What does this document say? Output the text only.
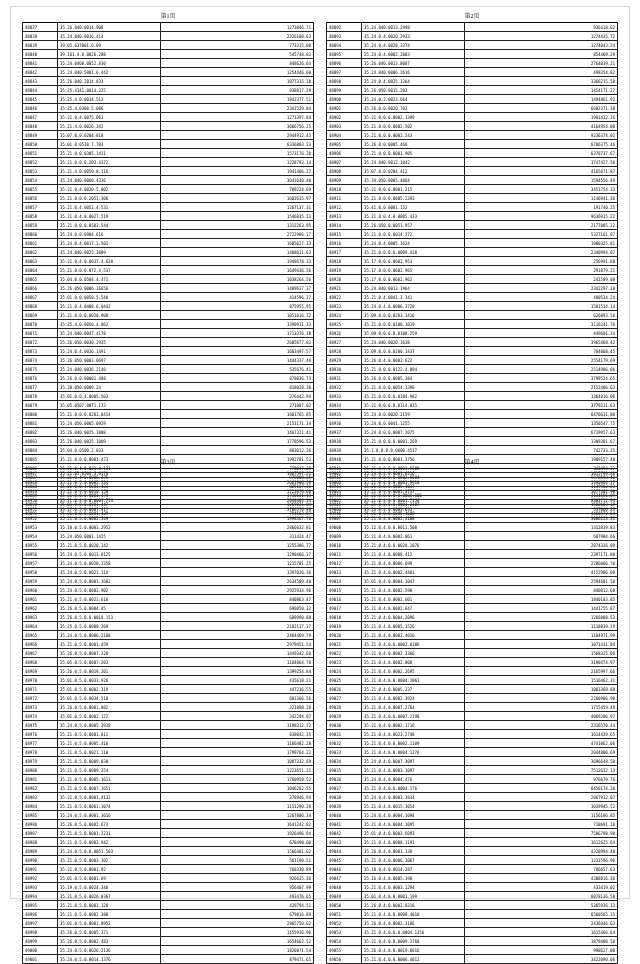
第1页
48837	35.26.040.0014.908	1273846.71
48838	35.24.040.0016.414	2326108.63
48839	39.05.637001.6.09	773315.08
48840	39.161.4.0.0026.288	545748.82
48841	35.24.0408.0052.830	848626.64
48842	35.24.040.5001.6.442	1254446.60
48843	35.26.040.2014.833	1077315.18
48844	35.25.4141.0014.325	938817.29
48845	35.25.4.0.0034.513	1942377.51
48846	35.25.4.0300.5.086	2341529.84
48847	35.21.0.4.0075.063	1271397.84
48848	35.21.4.0.0026.342	3066756.25
48849	35.07.0.0.0204.818	2944912.43
48850	35.01.0.0510.7.703	6336803.23
48851	35.21.0.0.0305.1411	1573176.20
48852	35.21.0.0.0.203.4372	1228793.14
48853	35.21.4.0.0050.8.116	1941406.27
48854	35.24.040.0060.4336	3041640.40
48855	35.21.0.4.0020.5.002	789224.69
48856	35.21.0.0.0.2051.306	1682635.97
48857	35.21.0.4.0052.4.531	1267137.31
48858	35.21.0.4.0.0027.519	1546835.13
48859	35.21.0.0.0.0503.544	1312263.95
48860	35.24.0.0.0904.616	2722986.17
48861	35.24.0.4.0017.3.501	1605627.33
48862	35.24.040.0025.3009	1488611.63
48863	35.21.0.4.0.0037.4.638	1948678.33
48864	35.21.0.0.0.072.4.537	1649436.56
48865	35.04.0.0.0504.4.471	1038264.56
48866	35.26.050.0006.16656	1409637.37
48867	35.01.0.0.0050.5.548	414596.37
48868	35.21.0.4.0408.6.0443	875955.95
48869	35.21.0.0.0.0020.908	1051016.72
48870	35.25.4.0.0050.4.062	1390911.33
48871	35.24.040.0047.4178	1713376.18
48872	35.26.050.0030.2935	2605677.82
48873	35.24.0.4.0036.1491	1603497.57
48874	35.26.050.0003.0697	1444337.48
48875	35.24.040.0036.2146	535676.41
48876	35.26.0.0.00001.488	878036.73
48877	35.28.050.0009.24	818028.38
48878	35.01.0.0.4.0005.503	376442.94
48879	35.05.0507.0071.173	271087.02
48880	35.21.0.0.0.0203.0414	1601765.85
48881	35.24.050.0005.0929	2151171.34
48882	35.26.040.0025.1008	1467321.41
48883	35.26.040.0025.1009	1778596.53
48884	35.04.0.0500.2.033	883012.26
48885	35.21.0.0.0.0001.473	1992701.53
48886	35.21.0.4.0.021.4.131	779847.25
48887	35.21.0.4.0.0006.275	979008.25
48888	35.01.0.0.4.0001.433	825167.31
48889	35.21.0.0.0.0001.474	1730131.13
48890	35.01.0.0.0.0001.447	1269021.04
48891	35.21.0.0.0.0001.429	794563.87
第2页
48892	35.24.040.0013.2998	936418.62
48893	35.24.0.4.0020.2933	1274435.72
48894	35.24.0.4.0028.3374	1274043.24
48895	35.24.0.4.0002.2003	854469.29
48896	35.26.040.0013.8087	2764039.21
48897	35.24.040.0006.2616	498354.82
48898	35.24.0.4.0025.1264	3366215.58
48899	35.26.050.0015.203	1454171.27
48900	35.24.0.2.0023.664	1494861.92
48901	35.26.0.0.0020.703	6682371.38
48902	35.21.0.0.0.0002.1399	1981412.26
48903	35.21.0.0.0.0002.502	4164954.00
48904	35.21.0.0.0.0002.543	9236374.02
48905	35.26.0.0.0005.466	6706375.46
48906	35.21.0.0.0.0001.905	6378737.67
48907	35.24.040.0012.1042	1747427.50
48908	35.07.0.0.0204.412	4165671.87
48909	35.34.050.0005.4864	1594556.49
48910	35.21.0.0.0.0001.215	3451754.33
48911	35.21.0.0.0.0005.2393	1146941.36
48912	35.41.0.0.0001.152	191740.25
48913	35.21.0.0.4.0.0005.433	9636915.22
48914	35.26.050.0.0051.957	2177005.22
48915	35.21.0.0.0.0014.272	5327161.87
48916	35.24.0.4.0005.1624	1980325.81
48917	35.21.0.0.0.0.0009.428	2340994.07
48918	35.17.0.0.0.0602.953	256991.80
48919	35.17.0.0.0.0602.965	291879.21
48920	35.17.0.0.0.0602.962	241589.08
48921	35.24.040.0013.1964	2342297.28
48922	35.21.0.4.0041.3.341	480534.24
48923	35.24.0.4.0.0006.3728	1581514.14
48924	35.09.0.0.0.0203.1416	626893.56
48925	35.21.0.0.0.0100.1019	3116241.76
48926	35.09.0.0.0.0.0108.259	449601.34
48927	35.24.040.0020.1638	3965468.42
48928	35.09.0.0.0.0200.1437	784068.45
48929	35.26.0.4.0.0002.622	2554179.69
48930	35.21.0.0.0.0122.4.094	2514906.06
48931	35.26.0.0.0.0005.384	3799524.65
48932	35.21.0.0.0.0054.1398	2152406.63
48933	35.21.0.0.0.0.0104.982	1364816.06
48934	35.21.0.0.0.0.0114.035	3779211.63
48935	35.24.0.0.0020.2159	6476631.80
48936	35.24.0.0.0041.1255	1350547.75
48937	35.24.0.0.0.0007.2075	6719957.63
48938	35.21.0.0.0.0.0001.269	1309301.67
48939	35.1.0.0.0.0.0600.4517	742733.25
48940	35.21.0.0.0.0001.3756	1989157.40
48941	35.21.0.0.0.0.0003.5509	343493.22
48942	35.21.0.0.0.0.0002.5504	5978593.42
48943	35.21.0.0.0.0005.1037	1139962.23
48944	35.21.0.0.0.0.0.0001.106	3134556.09
48945	35.21.0.0.0.0.0001.2387	1502603.19
48946	35.21.0.0.0.0005.4608	4466572.64
第3页
48947	35.21.05.0504.3.0178	1087597.21
48948	35.21.0.5.0.0005.534	2661906.59
48949	35.21.0.4.0.0010.158	1723876.66
48950	35.21.0.4.0.0.0003.754	2648483.34
48951	35.17.0.5.0.0007.417	3766576.46
48952	35.21.0.5.0.0002.549	1998367.76
48953	35.10.0.5.0.0003.2952	2866032.81
48954	35.24.050.0001.1425	311424.47
48955	35.21.0.5.0.0020.142	1255306.77
48956	35.24.0.5.0.0013.0125	1290466.37
48957	35.24.0.5.0.0028.2358	1215701.25
48958	35.24.0.5.0.0021.114	1397026.36
48959	35.24.0.5.0.0001.1602	2634509.40
48960	35.24.0.5.0.0003.902	2925934.96
48961	35.21.0.5.0.0023.616	840863.47
48962	35.26.0.5.0.0004.45	690050.32
48963	35.26.0.5.0.0.0018.153	689990.88
48964	35.25.0.5.0.0008.269	2182117.37
48965	35.24.0.5.0.0006.2188	2464469.79
48966	35.21.0.5.0.0001.459	2979451.54
48967	35.26.0.5.0.0007.220	1449342.68
48968	35.05.0.5.0.0007.203	1184064.78
48969	35.26.0.5.0.0019.201	1399254.84
48970	35.01.0.5.0.0033.926	435618.21
48971	35.01.0.5.0.0002.319	447236.55
48972	35.01.0.5.0.0034.518	601366.56
48973	35.26.0.5.0.0001.882	321898.20
48974	35.01.0.5.0.0002.172	342294.87
48975	35.24.0.5.0.0005.3918	1198312.72
48976	35.21.0.5.0.0001.811	838042.35
48977	35.21.0.5.0.0005.416	1166482.28
48978	35.21.0.5.0.0021.110	1799764.22
48979	35.21.0.5.0.0009.038	1087332.69
48980	35.21.0.5.0.0009.354	1223651.21
48981	35.21.0.5.0.0005.1613	1760958.52
48982	35.21.0.5.0.0007.1651	1046282.55
48983	35.21.0.5.0.0001.4132	378946.94
48984	35.21.0.5.0.0061.1074	1151290.26
48985	35.24.0.5.0.0001.3616	1267806.34
48986	35.26.0.5.0.0002.673	1641242.82
48987	35.21.0.5.0.0001.2231	1926496.94
48988	35.21.0.5.0.0002.942	678490.60
48989	35.24.0.5.0.0.0051.503	1566401.62
48990	35.21.0.5.0.0003.102	561190.51
48991	35.21.0.5.0.0001.92	768330.89
48992	35.01.0.5.0.0001.69	926635.36
48993	35.19.0.5.0.0024.340	956407.99
48994	35.21.0.5.0.0026.0367	493476.65
48995	35.21.0.5.0.0003.128	429794.51
48996	35.21.0.5.0.0002.388	679816.89
48997	35.01.0.5.0.0001.0952	2865750.62
48998	35.26.0.5.0.0005.371	1155916.96
48999	35.26.0.5.0.0002.483	1654662.52
49000	35.24.0.5.0.0026.2136	1820871.54
49001	35.24.0.5.0.0014.1376	879471.65
第4页
49002	35.24.0.4.0.0001.6216	1615799.88
49003	35.21.0.4.0.0.0001.9910	1390964.17
49004	35.21.0.4.0.0001.3737	1677402.90
49005	35.21.0.4.0.0.0001.7158	9303752.94
49006	35.24.0.4.0.0003.633	537066.23
49007	35.21.0.4.0.0002.4100	3006223.33
49008	35.12.0.4.0.0.0011.508	1312839.83
49009	35.21.0.4.0.0002.061	687984.66
49010	35.21.0.4.0.0.0020.1076	2074326.09
49011	35.21.0.4.0.0008.412	2397171.80
49012	35.21.0.4.0.0006.699	2286066.70
49013	35.21.0.4.0.0002.4401	4152986.08
49014	35.01.0.4.0.0004.1047	2594681.58
49015	35.21.0.4.0.0002.590	846012.68
49016	35.21.0.4.0.0002.601	1840103.85
49017	35.21.0.4.0.0002.647	1441755.87
49018	35.21.0.4.0.0004.2096	1266808.53
49019	35.21.0.4.0.0005.1526	1118839.19
49020	35.21.0.4.0.0002.4016	1184971.99
49021	35.21.0.4.0.0.0002.0106	1071431.04
49022	35.21.0.4.0.0002.3366	1568325.06
49023	35.21.0.4.0.0002.000	3190474.97
49024	35.21.0.4.0.0002.2695	2165997.66
49025	35.21.0.4.0.0.0004.1061	1516462.31
49026	35.21.0.4.0.0005.237	1001368.88
49027	35.21.0.4.0.0002.3924	2260906.90
49028	35.21.0.4.0.0007.2764	1715459.49
49029	35.21.0.4.0.0.0007.2190	4069206.97
49030	35.21.0.4.0.0002.1716	2316570.44
49031	35.21.0.4.0.0023.2748	1614439.65
49032	35.21.0.4.0.0.0002.1109	4741062.06
49033	35.21.0.4.0.0.0004.1276	2044800.69
49034	35.24.0.4.0.0007.3097	3696648.50
49035	35.21.0.4.0.0003.1097	7512632.13
49036	35.24.0.4.0.0004.476	976679.76
49037	35.21.0.4.0.0.0004.176	6456174.20
49038	35.24.0.4.0.0003.3834	2067912.07
49039	35.21.0.4.0.0015.1054	1039945.52
49040	35.24.0.4.0.0004.1094	1156106.85
49041	35.21.0.4.0.0004.1095	718691.10
49042	35.01.0.4.0.0003.6093	7586798.90
49043	35.21.0.4.0.0008.1191	1612625.64
49044	35.26.0.4.0.0001.138	4328994.40
49045	35.21.0.4.0.0006.1067	1233596.96
49046	35.10.0.4.0.0014.287	786657.63
49047	35.16.0.4.0.0005.198	4308816.36
49048	35.21.0.4.0.0003.1294	433419.02
49049	35.01.0.4.0.0.0001.199	6078136.58
49050	35.26.0.4.0.0002.0316	5365926.13
49051	35.21.0.4.0.0.0008.4010	6560565.35
49052	35.26.0.4.0.0002.3106	2436946.63
49053	35.21.0.4.0.0.0.0004.1356	1615466.64
49054	35.21.0.4.0.0.0009.3760	1879480.58
49055	35.26.0.4.0.0.0019.6016	998627.00
49056	35.21.0.4.0.0.0006.4012	3422090.06
